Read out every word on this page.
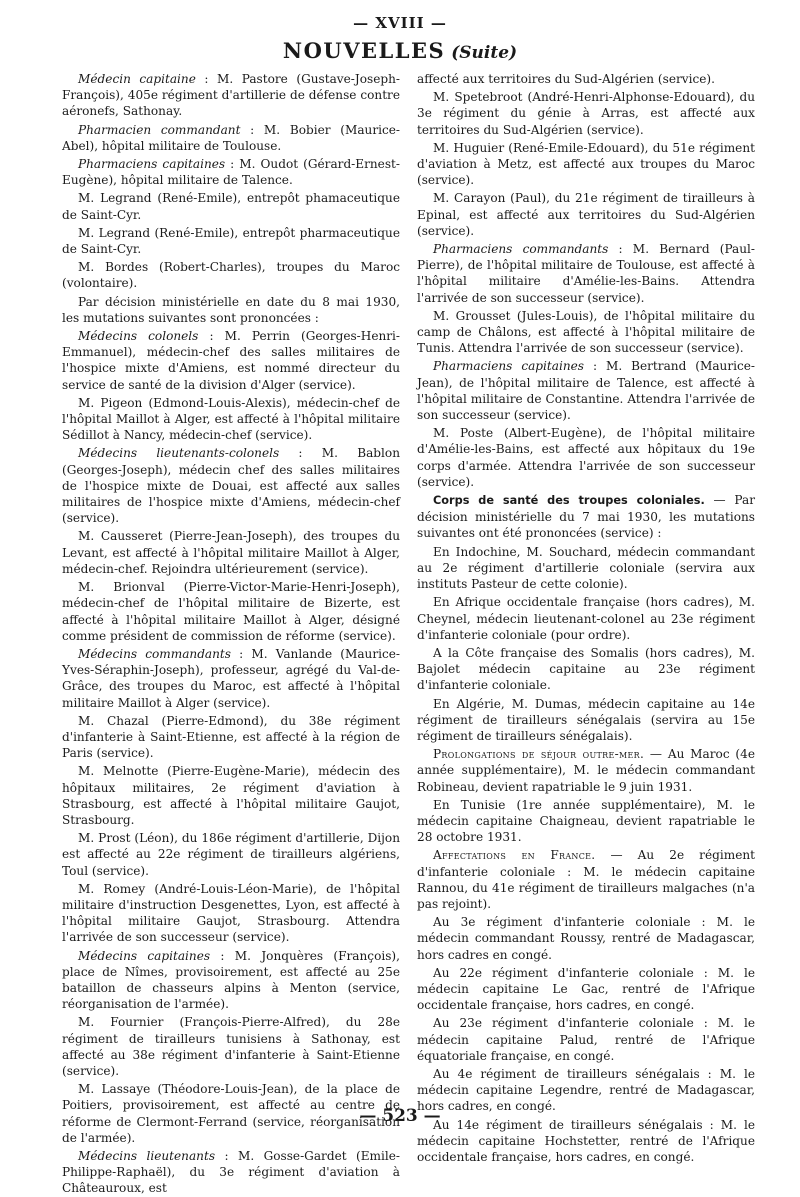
— XVIII —
NOUVELLES (Suite)

Médecin capitaine : M. Pastore (Gustave-Joseph-François), 405e régiment d'artillerie de défense contre aéronefs, Sathonay.

Pharmacien commandant : M. Bobier (Maurice-Abel), hôpital militaire de Toulouse.

Pharmaciens capitaines : M. Oudot (Gérard-Ernest-Eugène), hôpital militaire de Talence.

M. Legrand (René-Emile), entrepôt phamaceutique de Saint-Cyr.

M. Legrand (René-Emile), entrepôt pharmaceutique de Saint-Cyr.

M. Bordes (Robert-Charles), troupes du Maroc (volontaire).

Par décision ministérielle en date du 8 mai 1930, les mutations suivantes sont prononcées :

Médecins colonels : M. Perrin (Georges-Henri-Emmanuel), médecin-chef des salles militaires de l'hospice mixte d'Amiens, est nommé directeur du service de santé de la division d'Alger (service).

M. Pigeon (Edmond-Louis-Alexis), médecin-chef de l'hôpital Maillot à Alger, est affecté à l'hôpital militaire Sédillot à Nancy, médecin-chef (service).

Médecins lieutenants-colonels : M. Bablon (Georges-Joseph), médecin chef des salles militaires de l'hospice mixte de Douai, est affecté aux salles militaires de l'hospice mixte d'Amiens, médecin-chef (service).

M. Causseret (Pierre-Jean-Joseph), des troupes du Levant, est affecté à l'hôpital militaire Maillot à Alger, médecin-chef. Rejoindra ultérieurement (service).

M. Brionval (Pierre-Victor-Marie-Henri-Joseph), médecin-chef de l'hôpital militaire de Bizerte, est affecté à l'hôpital militaire Maillot à Alger, désigné comme président de commission de réforme (service).

Médecins commandants : M. Vanlande (Maurice-Yves-Séraphin-Joseph), professeur, agrégé du Val-de-Grâce, des troupes du Maroc, est affecté à l'hôpital militaire Maillot à Alger (service).

M. Chazal (Pierre-Edmond), du 38e régiment d'infanterie à Saint-Etienne, est affecté à la région de Paris (service).

M. Melnotte (Pierre-Eugène-Marie), médecin des hôpitaux militaires, 2e régiment d'aviation à Strasbourg, est affecté à l'hôpital militaire Gaujot, Strasbourg.

M. Prost (Léon), du 186e régiment d'artillerie, Dijon est affecté au 22e régiment de tirailleurs algériens, Toul (service).

M. Romey (André-Louis-Léon-Marie), de l'hôpital militaire d'instruction Desgenettes, Lyon, est affecté à l'hôpital militaire Gaujot, Strasbourg. Attendra l'arrivée de son successeur (service).

Médecins capitaines : M. Jonquères (François), place de Nîmes, provisoirement, est affecté au 25e bataillon de chasseurs alpins à Menton (service, réorganisation de l'armée).

M. Fournier (François-Pierre-Alfred), du 28e régiment de tirailleurs tunisiens à Sathonay, est affecté au 38e régiment d'infanterie à Saint-Etienne (service).

M. Lassaye (Théodore-Louis-Jean), de la place de Poitiers, provisoirement, est affecté au centre de réforme de Clermont-Ferrand (service, réorganisation de l'armée).

Médecins lieutenants : M. Gosse-Gardet (Emile-Philippe-Raphaël), du 3e régiment d'aviation à Châteauroux, est

affecté aux territoires du Sud-Algérien (service).

M. Spetebroot (André-Henri-Alphonse-Edouard), du 3e régiment du génie à Arras, est affecté aux territoires du Sud-Algérien (service).

M. Huguier (René-Emile-Edouard), du 51e régiment d'aviation à Metz, est affecté aux troupes du Maroc (service).

M. Carayon (Paul), du 21e régiment de tirailleurs à Epinal, est affecté aux territoires du Sud-Algérien (service).

Pharmaciens commandants : M. Bernard (Paul-Pierre), de l'hôpital militaire de Toulouse, est affecté à l'hôpital militaire d'Amélie-les-Bains. Attendra l'arrivée de son successeur (service).

M. Grousset (Jules-Louis), de l'hôpital militaire du camp de Châlons, est affecté à l'hôpital militaire de Tunis. Attendra l'arrivée de son successeur (service).

Pharmaciens capitaines : M. Bertrand (Maurice-Jean), de l'hôpital militaire de Talence, est affecté à l'hôpital militaire de Constantine. Attendra l'arrivée de son successeur (service).

M. Poste (Albert-Eugène), de l'hôpital militaire d'Amélie-les-Bains, est affecté aux hôpitaux du 19e corps d'armée. Attendra l'arrivée de son successeur (service).

Corps de santé des troupes coloniales. — Par décision ministérielle du 7 mai 1930, les mutations suivantes ont été prononcées (service) :

En Indochine, M. Souchard, médecin commandant au 2e régiment d'artillerie coloniale (servira aux instituts Pasteur de cette colonie).

En Afrique occidentale française (hors cadres), M. Cheynel, médecin lieutenant-colonel au 23e régiment d'infanterie coloniale (pour ordre).

A la Côte française des Somalis (hors cadres), M. Bajolet médecin capitaine au 23e régiment d'infanterie coloniale.

En Algérie, M. Dumas, médecin capitaine au 14e régiment de tirailleurs sénégalais (servira au 15e régiment de tirailleurs sénégalais).

Prolongations de séjour outre-mer. — Au Maroc (4e année supplémentaire), M. le médecin commandant Robineau, devient rapatriable le 9 juin 1931.

En Tunisie (1re année supplémentaire), M. le médecin capitaine Chaigneau, devient rapatriable le 28 octobre 1931.

Affectations en France. — Au 2e régiment d'infanterie coloniale : M. le médecin capitaine Rannou, du 41e régiment de tirailleurs malgaches (n'a pas rejoint).

Au 3e régiment d'infanterie coloniale : M. le médecin commandant Roussy, rentré de Madagascar, hors cadres en congé.

Au 22e régiment d'infanterie coloniale : M. le médecin capitaine Le Gac, rentré de l'Afrique occidentale française, hors cadres, en congé.

Au 23e régiment d'infanterie coloniale : M. le médecin capitaine Palud, rentré de l'Afrique équatoriale française, en congé.

Au 4e régiment de tirailleurs sénégalais : M. le médecin capitaine Legendre, rentré de Madagascar, hors cadres, en congé.

Au 14e régiment de tirailleurs sénégalais : M. le médecin capitaine Hochstetter, rentré de l'Afrique occidentale française, hors cadres, en congé.

— 523 —
